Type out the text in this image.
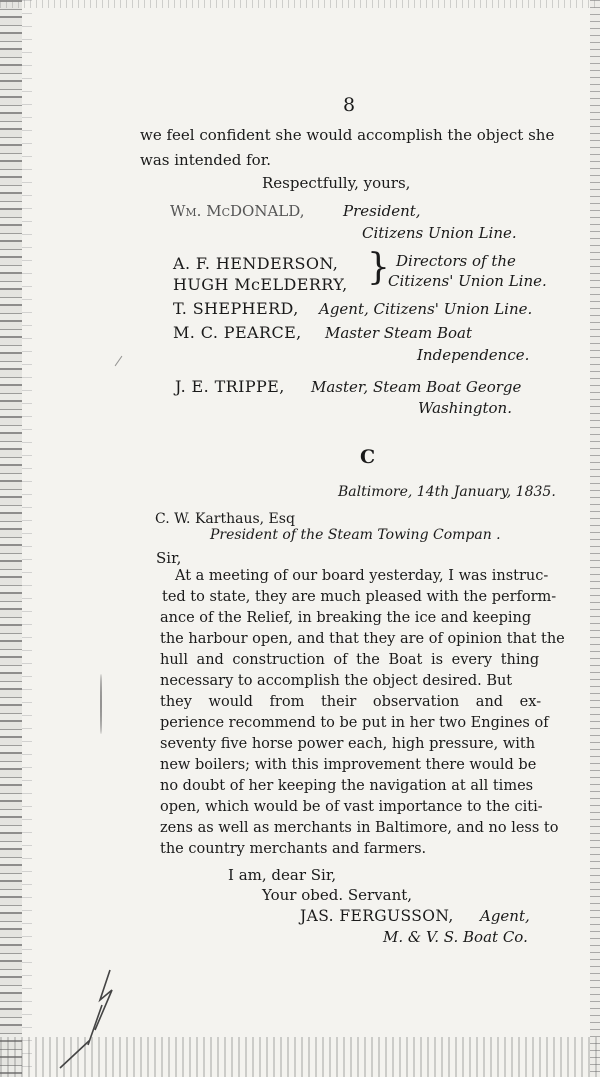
8
we feel confident she would accomplish the object she
was intended for.
Respectfully, yours,
Wm. McDONALD,	President,
Citizens Union Line.
A. F. HENDERSON,
HUGH McELDERRY, } Directors of the
Citizens' Union Line.
T. SHEPHERD, Agent, Citizens' Union Line.
M. C. PEARCE, Master Steam Boat
Independence.
J. E. TRIPPE, Master, Steam Boat George
Washington.
C
Baltimore, 14th January, 1835.
C. W. Karthaus, Esq
President of the Steam Towing Compan .
Sir,
At a meeting of our board yesterday, I was instruc-
ted to state, they are much pleased with the perform-
ance of the Relief, in breaking the ice and keeping
the harbour open, and that they are of opinion that the
hull and construction of the Boat is every thing
necessary to accomplish the object desired. But
they would from their observation and ex-
perience recommend to be put in her two Engines of
seventy five horse power each, high pressure, with
new boilers; with this improvement there would be
no doubt of her keeping the navigation at all times
open, which would be of vast importance to the citi-
zens as well as merchants in Baltimore, and no less to
the country merchants and farmers.
I am, dear Sir,
Your obed. Servant,
JAS. FERGUSSON, Agent,
M. & V. S. Boat Co.
